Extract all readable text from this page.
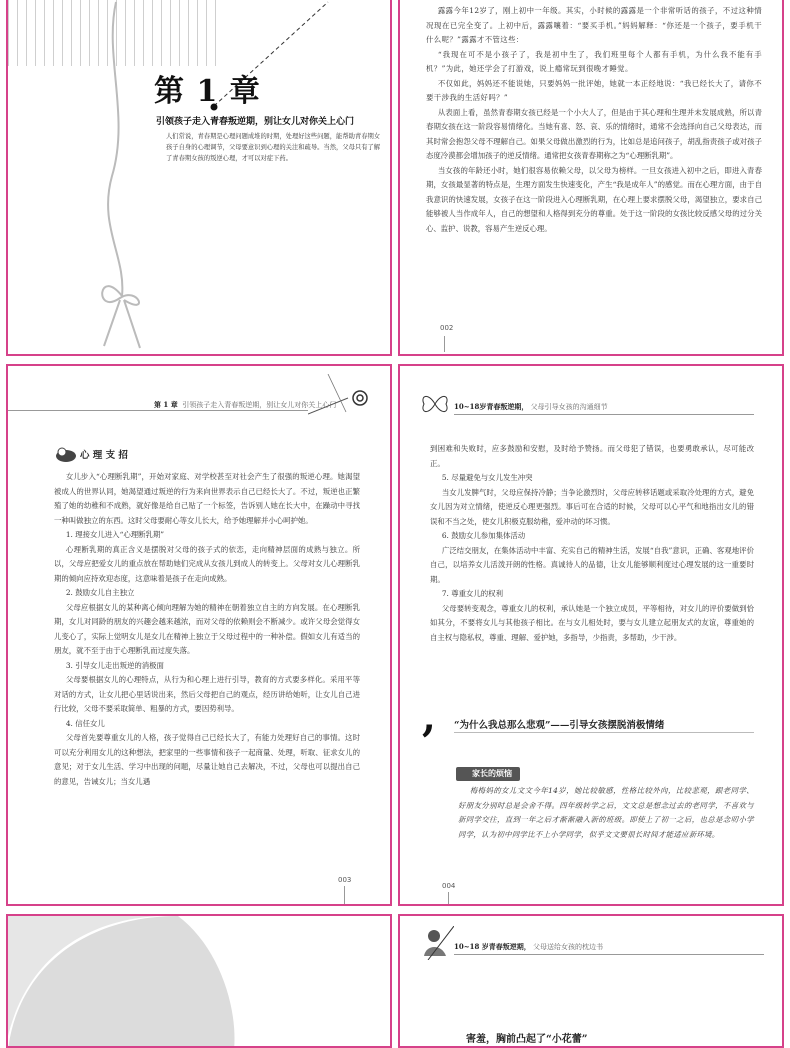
第 1 章
引领孩子走入青春叛逆期，别让女儿对你关上心门
人们常说，青春期是心理问题成堆的时期，处理好这些问题，能帮助青春期女孩子自身的心理调节，父母要意识到心理的关注和疏导。当然，父母只有了解了青春期女孩的叛逆心理，才可以对症下药。

露露今年12岁了，刚上初中一年级。其实，小时候的露露是一个非常听话的孩子，不过这种情况现在已完全变了。上初中后，露露嚷着：“要买手机。”妈妈解释：“你还是一个孩子，要手机干什么呢？”露露才不管这些：

“我现在可不是小孩子了，我是初中生了，我们班里每个人都有手机，为什么我不能有手机？”为此，她还学会了打游戏，说上瘾常玩到很晚才睡觉。

不仅如此，妈妈还不能说她，只要妈妈一批评她，她就一本正经地说：“我已经长大了，请你不要干涉我的生活好吗？”

从表面上看，虽然青春期女孩已经是一个小大人了，但是由于其心理和生理并未发展成熟，所以青春期女孩在这一阶段容易情绪化。当她有喜、怒、哀、乐的情绪时，通常不会选择向自己父母表达，而其时常会抱怨父母不理解自己。如果父母做出激烈的行为，比如总是追问孩子，胡乱指责孩子或对孩子态度冷漠都会增加孩子的逆反情绪。通常把女孩青春期称之为“心理断乳期”。

当女孩的年龄还小时，她们很容易依赖父母，以父母为榜样。一旦女孩进入初中之后，即进入青春期，女孩最显著的特点是，生理方面发生快速变化，产生“我是成年人”的感觉。而在心理方面，由于自我意识的快速发展，女孩子在这一阶段进入心理断乳期，在心理上要求摆脱父母，渴望独立，要求自己能够被人当作成年人，自己的想望和人格得到充分的尊重。处于这一阶段的女孩比较反感父母的过分关心、监护、说教，容易产生逆反心理。

002
第 1 章 引领孩子走入青春叛逆期，别让女儿对你关上心门
心 理 支 招

女儿步入“心理断乳期”，开始对家庭、对学校甚至对社会产生了很强的叛逆心理。她渴望被成人的世界认同，她渴望通过叛逆的行为来向世界表示自己已经长大了。不过，叛逆也正繁殖了她的幼稚和不成熟，就好像是给自己贴了一个标签，告诉别人她在长大中，在躁动中寻找一种叫做独立的东西。这时父母要耐心等女儿长大，给予她理解并小心呵护她。

1. 理接女儿进入“心理断乳期”

心理断乳期的真正含义是摆脱对父母的孩子式的依恋，走向精神层面的成熟与独立。所以，父母应把爱女儿的重点放在帮助她们完成从女孩儿到成人的转变上。父母对女儿心理断乳期的倾向应持欢迎态度，这意味着是孩子在走向成熟。

2. 鼓励女儿自主独立

父母应根据女儿的某种离心倾向理解为她的精神在朝着独立自主的方向发展。在心理断乳期，女儿对同龄的朋友的兴趣会越来越浓，而对父母的依赖则会不断减少。或许父母会觉得女儿变心了，实际上觉明女儿是女儿在精神上独立于父母过程中的一种补偿。假如女儿有适当的朋友，就不至于由于心理断乳而过度失落。

3. 引导女儿走出叛逆的消极面

父母要根据女儿的心理特点，从行为和心理上进行引导，教育的方式要多样化。采用平等对话的方式，让女儿把心里话说出来，然后父母把自己的观点，经历讲给她听，让女儿自己进行比较，父母不要采取简单、粗暴的方式，要因势利导。

4. 信任女儿

父母首先要尊重女儿的人格，孩子觉得自己已经长大了，有能力处理好自己的事情。这时可以充分利用女儿的这种想法，把家里的一些事情和孩子一起商量、处理，听取、征求女儿的意见；对于女儿生活、学习中出现的问题，尽量让她自己去解决，不过，父母也可以提出自己的意见，告诫女儿；当女儿遇

003
10~18岁青春叛逆期， 父母引导女孩的沟通细节

到困难和失败时，应多鼓励和安慰，及时给予赞扬。而父母犯了错误，也要勇敢承认，尽可能改正。

5. 尽量避免与女儿发生冲突

当女儿发脾气时，父母应保持冷静；当争论激烈时，父母应转移话题或采取冷处理的方式，避免女儿因为对立情绪，使逆反心理更强烈。事后可在合适的时候，父母可以心平气和地指出女儿的错误和不当之处，使女儿积极克服幼稚，爱冲动的坏习惯。

6. 鼓励女儿参加集体活动

广泛结交朋友，在集体活动中丰富、充实自己的精神生活，发展“自我”意识，正确、客观地评价自己，以培养女儿活泼开朗的性格。真诚待人的品德，让女儿能够顺利度过心理发展的这一重要时期。

7. 尊重女儿的权利

父母要转变观念，尊重女儿的权利，承认她是一个独立成员，平等相待，对女儿的评价要做到恰如其分，不要将女儿与其他孩子相比。在与女儿相处时，要与女儿建立起朋友式的友谊，尊重她的自主权与隐私权，尊重、理解、爱护她，多指导，少指责，多帮助，少干涉。

, “为什么我总那么悲观”——引导女孩摆脱消极情绪
家长的烦恼

梅梅妈的女儿文文今年14岁，她比较敏感，性格比较外向，比较悲观，跟老同学、好朋友分别时总是会舍不得。四年级转学之后，文文总是想念过去的老同学，不喜欢与新同学交往，直到一年之后才渐渐融入新的班级。即使上了初一之后，也总是念叨小学同学，认为初中同学比不上小学同学，似乎文文要很长时间才能适应新环境。

004
10~18 岁青春叛逆期， 父母送给女孩的枕边书
害羞，胸前凸起了“小花蕾”
